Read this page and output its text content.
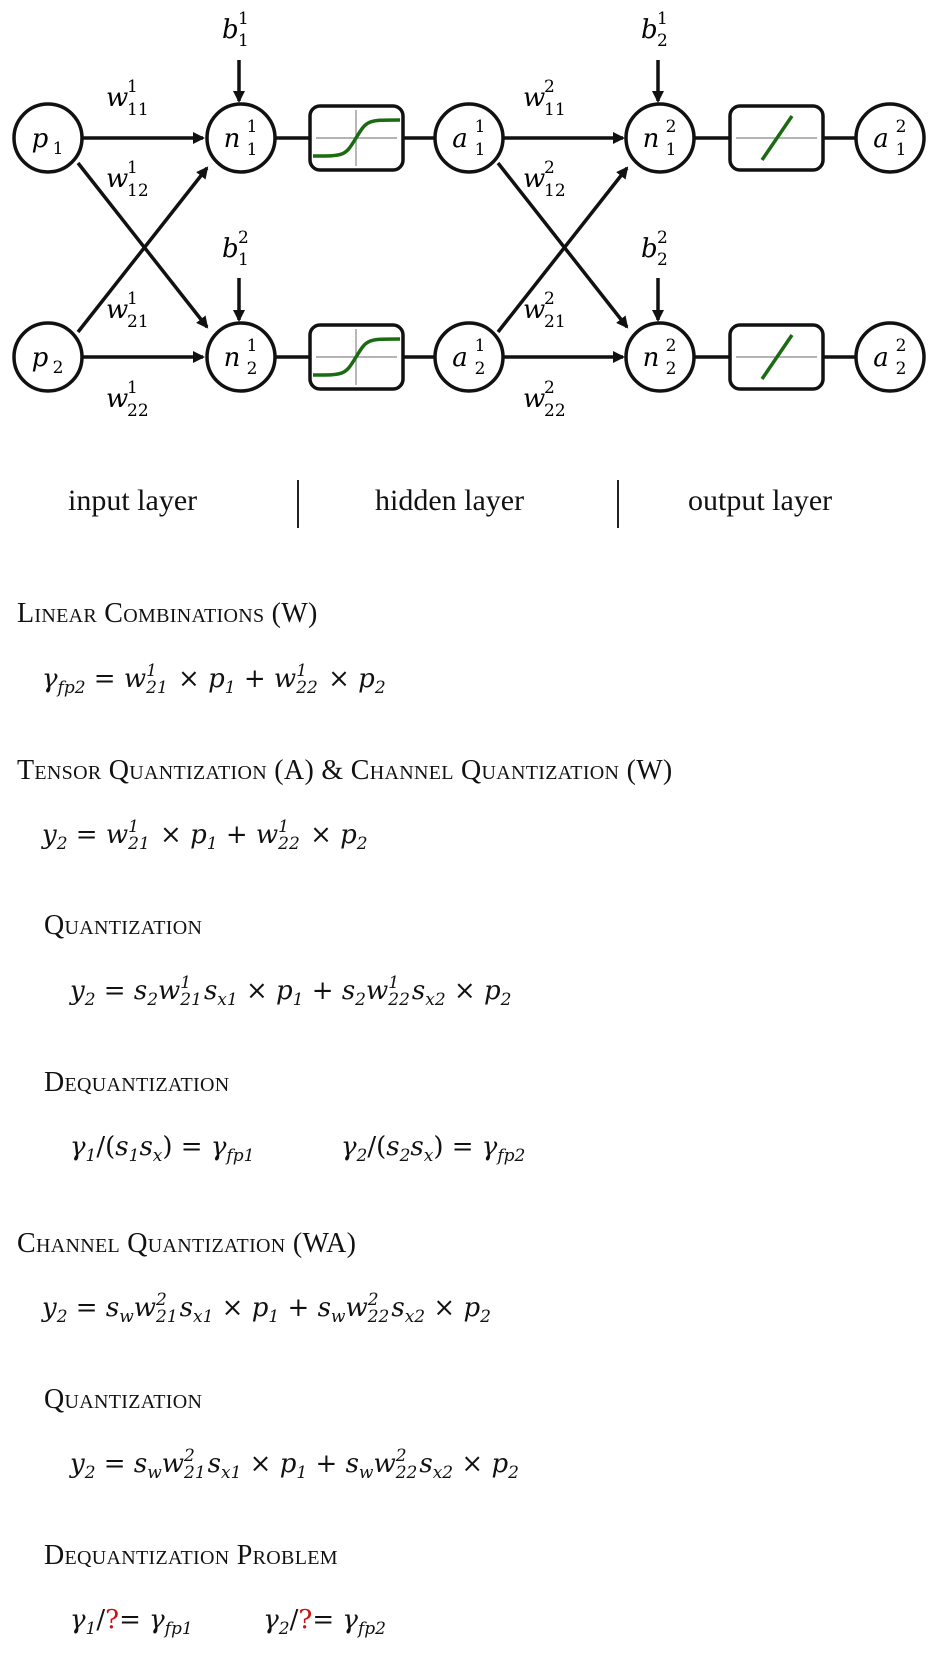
p 1
p 2
n 1
1
n 1
2
a 1
1
a 1
2
n 2
1
n 2
2
a 2
1
a 2
2
b 1
1
b 2
1
b 1
2
b 2
2
w
1
11
w
1
12
w
1
21
w
1
22
w
2
11
w
2
12
w
2
21
w
2
22
input layer	hidden layer	output layer
Linear Combinations (W)
$\gamma_{fp2} = w$ 1
$21 \times p_1 + w$ 1
$22 \times p_2$
Tensor Quantization (A) & Channel Quantization (W)
$y_2 = w$ 1
$21 \times p_1 + w$ 1
$22 \times p_2$
Quantization
$y_2 = s_2w$ 1
21 $s_{x1} \times p_1 + s_2w$ 1
22 $s_{x2} \times p_2$
Dequantization
$\gamma_1/(s_1s_x) = \gamma_{fp1}$	$\gamma_2/(s_2s_x) = \gamma_{fp2}$
Channel Quantization (WA)
$y_2 = s_ww$ 2
21 $s_{x1} \times p_1 + s_ww$ 2
22 $s_{x2} \times p_2$
Quantization
$y_2 = s_ww$ 2
21 $s_{x1} \times p_1 + s_ww$ 2
22 $s_{x2} \times p_2$
Dequantization Problem
$\gamma_1/?= \gamma_{fp1}$	$\gamma_2/?= \gamma_{fp2}$
